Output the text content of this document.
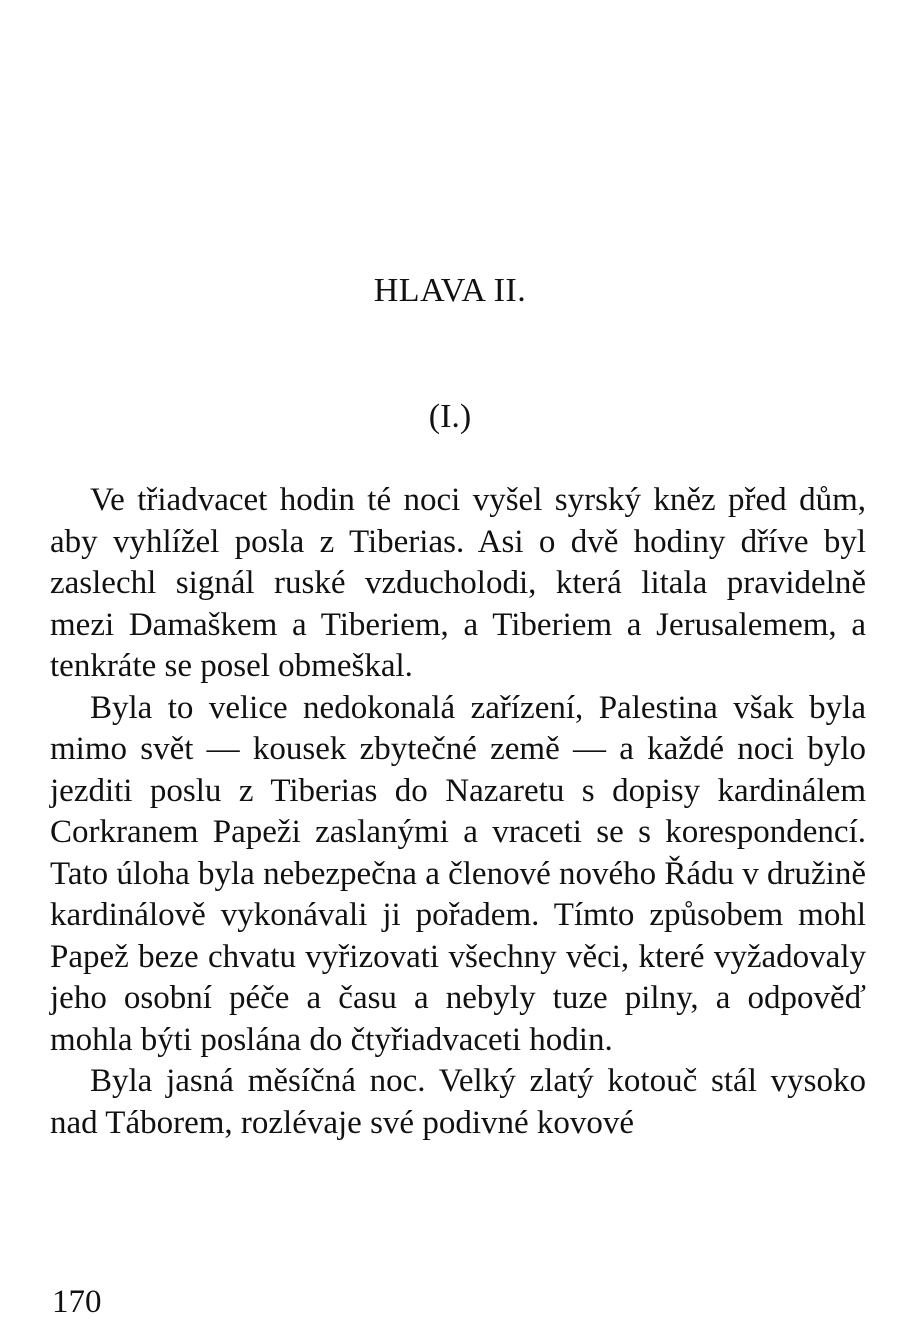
HLAVA II.
(I.)

Ve třiadvacet hodin té noci vyšel syrský kněz před dům, aby vyhlížel posla z Tiberias. Asi o dvě hodiny dříve byl zaslechl signál ruské vzducholodi, která litala pravidelně mezi Damaškem a Tiberiem, a Tiberiem a Jerusalemem, a tenkráte se posel obmeškal.

Byla to velice nedokonalá zařízení, Palestina však byla mimo svět — kousek zbytečné země — a každé noci bylo jezditi poslu z Tiberias do Nazaretu s dopisy kardinálem Corkranem Papeži zaslanými a vraceti se s korespondencí. Tato úloha byla nebezpečna a členové nového Řádu v družině kardinálově vykonávali ji pořadem. Tímto způsobem mohl Papež beze chvatu vyřizovati všechny věci, které vyžadovaly jeho osobní péče a času a nebyly tuze pilny, a odpověď mohla býti poslána do čtyřiadvaceti hodin.

Byla jasná měsíčná noc. Velký zlatý kotouč stál vysoko nad Táborem, rozlévaje své podivné kovové

170
